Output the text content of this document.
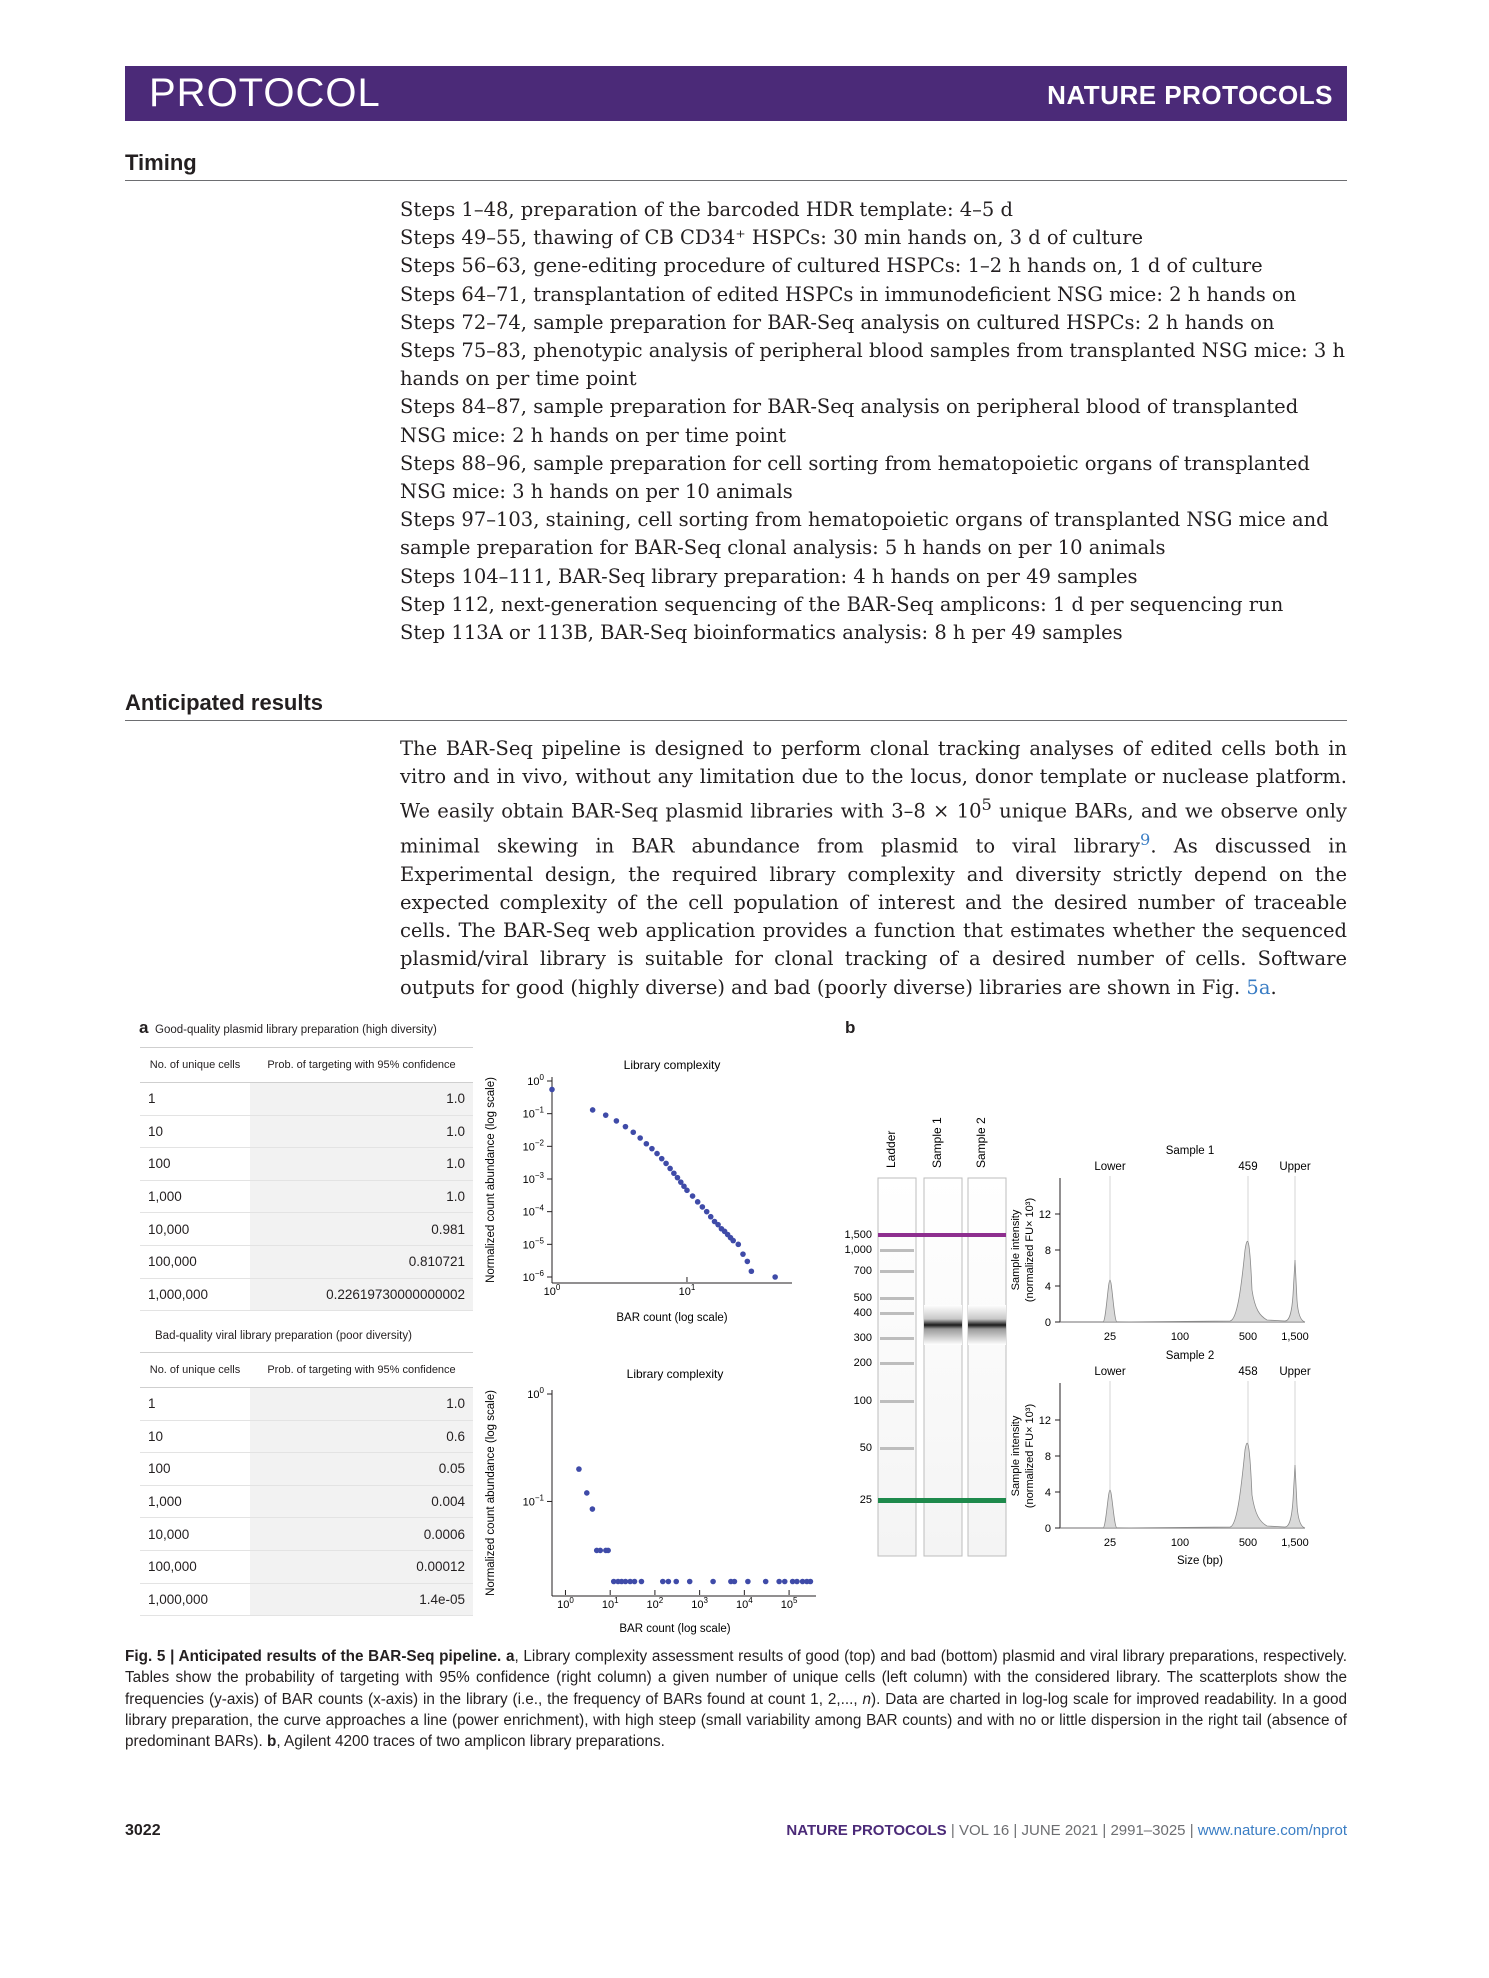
PROTOCOL	NATURE PROTOCOLS
Timing
Steps 1–48, preparation of the barcoded HDR template: 4–5 d
Steps 49–55, thawing of CB CD34⁺ HSPCs: 30 min hands on, 3 d of culture
Steps 56–63, gene-editing procedure of cultured HSPCs: 1–2 h hands on, 1 d of culture
Steps 64–71, transplantation of edited HSPCs in immunodeficient NSG mice: 2 h hands on
Steps 72–74, sample preparation for BAR-Seq analysis on cultured HSPCs: 2 h hands on
Steps 75–83, phenotypic analysis of peripheral blood samples from transplanted NSG mice: 3 h hands on per time point
Steps 84–87, sample preparation for BAR-Seq analysis on peripheral blood of transplanted NSG mice: 2 h hands on per time point
Steps 88–96, sample preparation for cell sorting from hematopoietic organs of transplanted NSG mice: 3 h hands on per 10 animals
Steps 97–103, staining, cell sorting from hematopoietic organs of transplanted NSG mice and sample preparation for BAR-Seq clonal analysis: 5 h hands on per 10 animals
Steps 104–111, BAR-Seq library preparation: 4 h hands on per 49 samples
Step 112, next-generation sequencing of the BAR-Seq amplicons: 1 d per sequencing run
Step 113A or 113B, BAR-Seq bioinformatics analysis: 8 h per 49 samples
Anticipated results

The BAR-Seq pipeline is designed to perform clonal tracking analyses of edited cells both in vitro and in vivo, without any limitation due to the locus, donor template or nuclease platform. We easily obtain BAR-Seq plasmid libraries with $3-8 \times 10^5$ unique BARs, and we observe only minimal skewing in BAR abundance from plasmid to viral library$^9$. As discussed in Experimental design, the required library complexity and diversity strictly depend on the expected complexity of the cell population of interest and the desired number of traceable cells. The BAR-Seq web application provides a function that estimates whether the sequenced plasmid/viral library is suitable for clonal tracking of a desired number of cells. Software outputs for good (highly diverse) and bad (poorly diverse) libraries are shown in Fig. 5a.

a Good-quality plasmid library preparation (high diversity)
No. of unique cells	Prob. of targeting with 95% confidence
1	1.0
10	1.0
100	1.0
1,000	1.0
10,000	0.981
100,000	0.810721
1,000,000	0.22619730000000002
Bad-quality viral library preparation (poor diversity)
No. of unique cells	Prob. of targeting with 95% confidence
1	1.0
10	0.6
100	0.05
1,000	0.004
10,000	0.0006
100,000	0.00012
1,000,000	1.4e-05
Library complexity
$10^{-6}$
$10^{-5}$
$10^{-4}$
$10^{-3}$
$10^{-2}$
$10^{-1}$
$10^0$
$10^0$	$10^1$
BAR count (log scale)
Normalized count abundance (log scale)
Library complexity
$10^{-1}$
$10^0$
$10^0$	$10^1$	$10^2$	$10^3$	$10^4$	$10^5$
BAR count (log scale)
Normalized count abundance (log scale)
b
Ladder	Sample 1	Sample 2
1,500
1,000
700
500
400
300
200
100
50
25
Sample 1
Lower	459 Upper
0
4
8
12
25	100	500 1,500
Sample 2
Lower	458 Upper
0
4
8
12
25	100	500 1,500
Size (bp)
Sample intensity (normalized FU× 10³)
Sample intensity (normalized FU× 10³)
Fig. 5 | Anticipated results of the BAR-Seq pipeline. a, Library complexity assessment results of good (top) and bad (bottom) plasmid and viral library preparations, respectively. Tables show the probability of targeting with 95% confidence (right column) a given number of unique cells (left column) with the considered library. The scatterplots show the frequencies (y-axis) of BAR counts (x-axis) in the library (i.e., the frequency of BARs found at count 1, 2,..., n). Data are charted in log-log scale for improved readability. In a good library preparation, the curve approaches a line (power enrichment), with high steep (small variability among BAR counts) and with no or little dispersion in the right tail (absence of predominant BARs). b, Agilent 4200 traces of two amplicon library preparations.
3022	NATURE PROTOCOLS | VOL 16 | JUNE 2021 | 2991–3025 | www.nature.com/nprot
